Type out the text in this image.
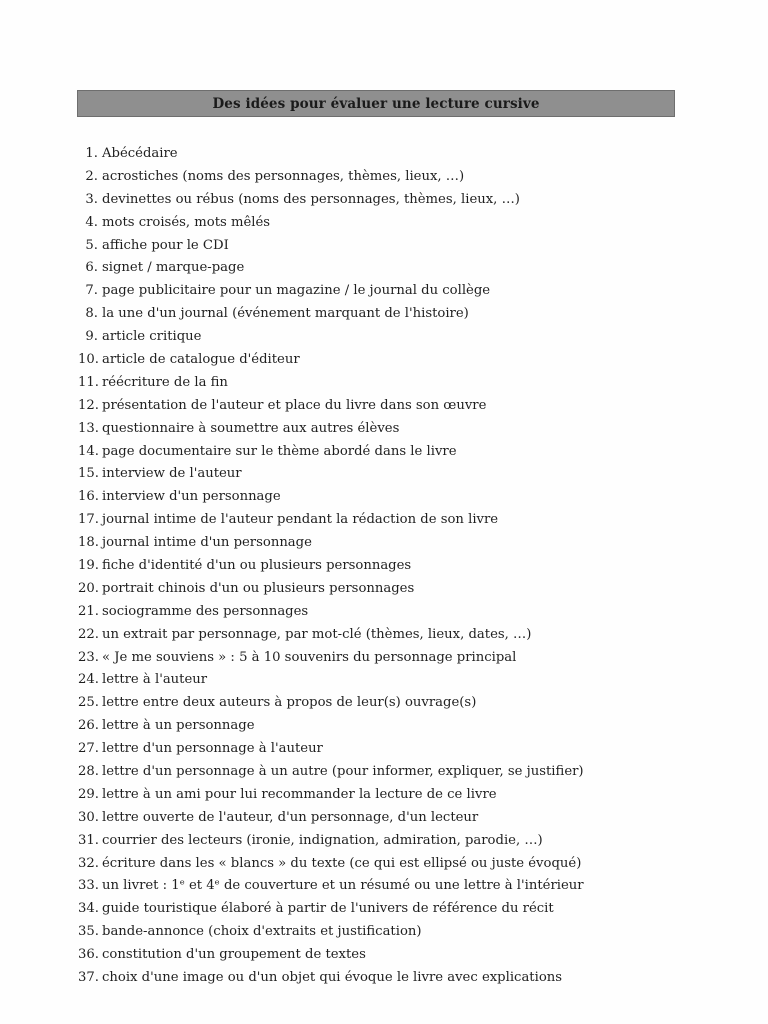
Des idées pour évaluer une lecture cursive
1. Abécédaire
2. acrostiches (noms des personnages, thèmes, lieux, …)
3. devinettes ou rébus (noms des personnages, thèmes, lieux, …)
4. mots croisés, mots mêlés
5. affiche pour le CDI
6. signet / marque-page
7. page publicitaire pour un magazine / le journal du collège
8. la une d'un journal (événement marquant de l'histoire)
9. article critique
10. article de catalogue d'éditeur
11. réécriture de la fin
12. présentation de l'auteur et place du livre dans son œuvre
13. questionnaire à soumettre aux autres élèves
14. page documentaire sur le thème abordé dans le livre
15. interview de l'auteur
16. interview d'un personnage
17. journal intime de l'auteur pendant la rédaction de son livre
18. journal intime d'un personnage
19. fiche d'identité d'un ou plusieurs personnages
20. portrait chinois d'un ou plusieurs personnages
21. sociogramme des personnages
22. un extrait par personnage, par mot-clé (thèmes, lieux, dates, …)
23. « Je me souviens » : 5 à 10 souvenirs du personnage principal
24. lettre à l'auteur
25. lettre entre deux auteurs à propos de leur(s) ouvrage(s)
26. lettre à un personnage
27. lettre d'un personnage à l'auteur
28. lettre d'un personnage à un autre (pour informer, expliquer, se justifier)
29. lettre à un ami pour lui recommander la lecture de ce livre
30. lettre ouverte de l'auteur, d'un personnage, d'un lecteur
31. courrier des lecteurs (ironie, indignation, admiration, parodie, …)
32. écriture dans les « blancs » du texte (ce qui est ellipsé ou juste évoqué)
33. un livret : 1ᵉ et 4ᵉ de couverture et un résumé ou une lettre à l'intérieur
34. guide touristique élaboré à partir de l'univers de référence du récit
35. bande-annonce (choix d'extraits et justification)
36. constitution d'un groupement de textes
37. choix d'une image ou d'un objet qui évoque le livre avec explications
